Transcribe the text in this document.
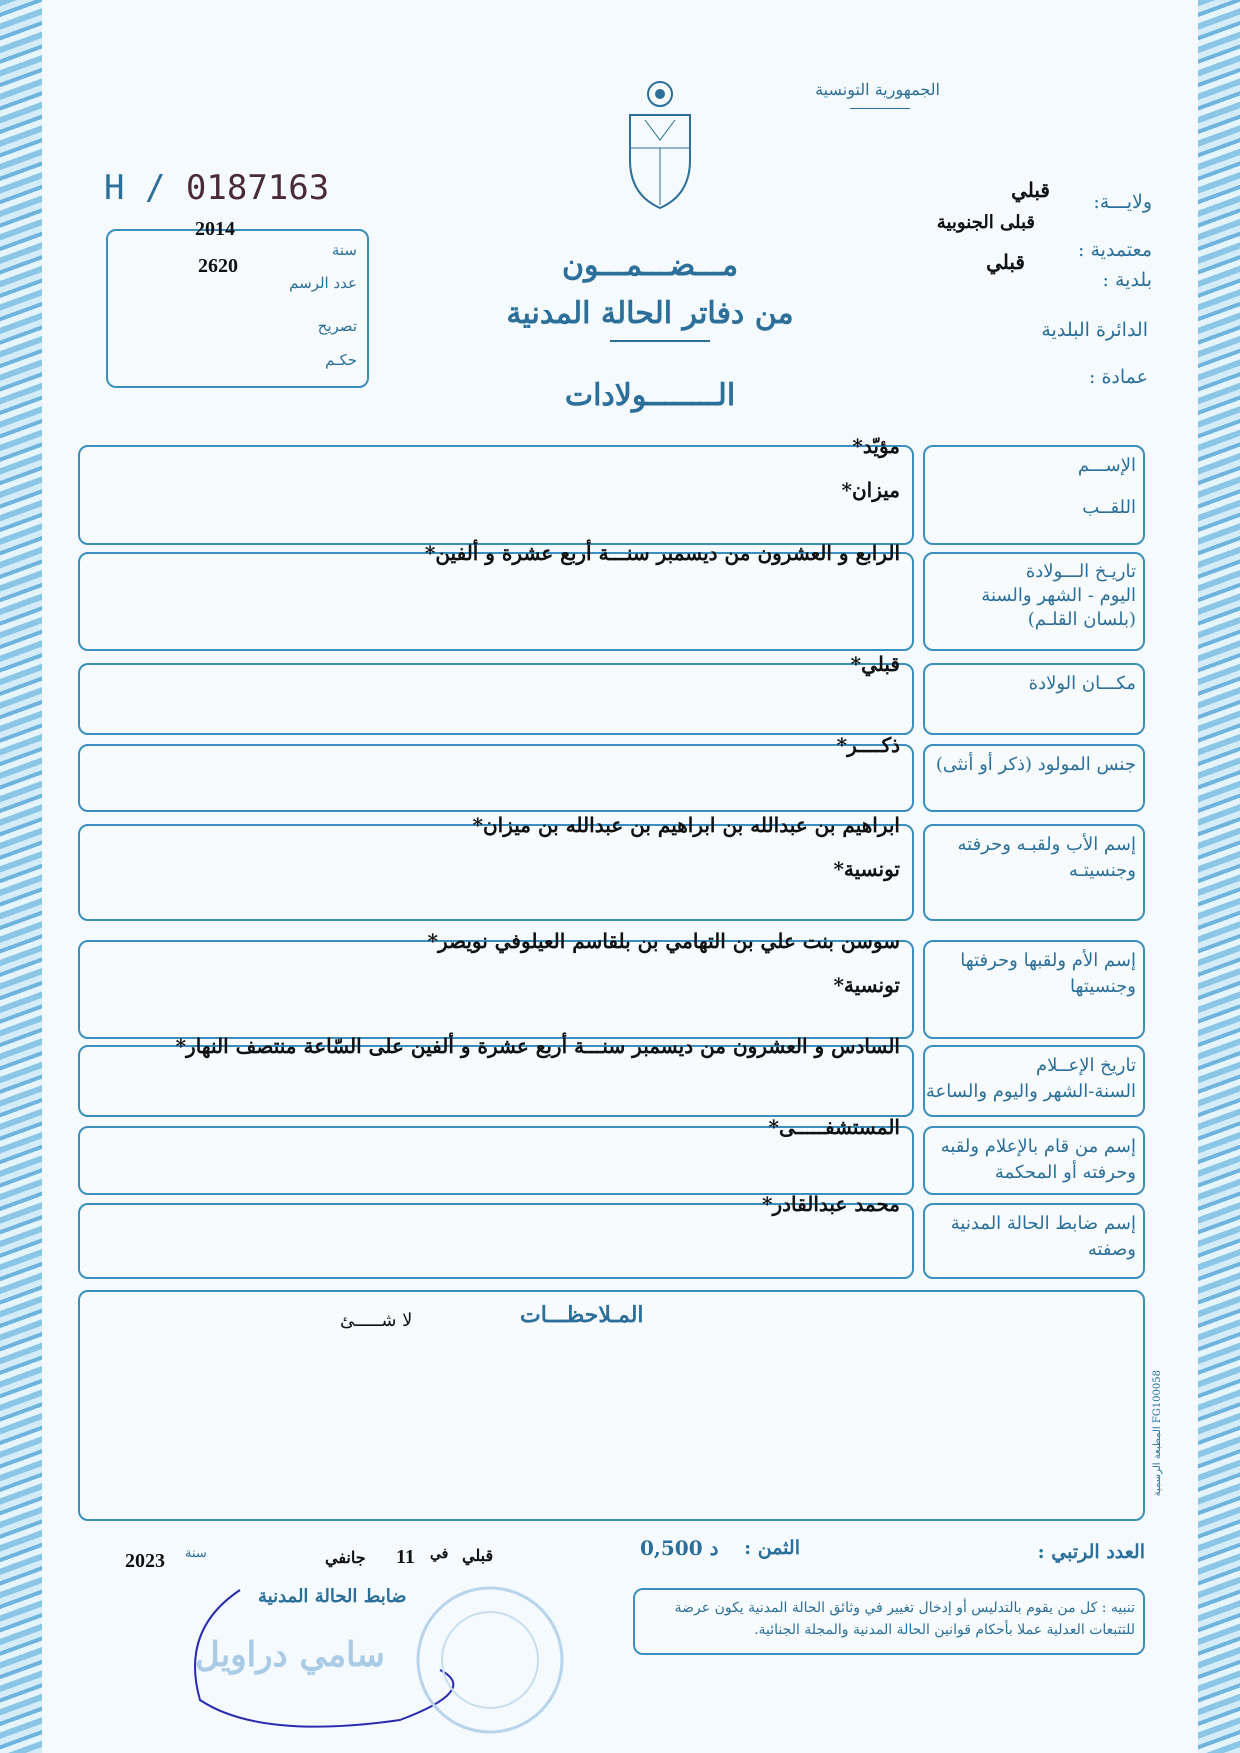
الجمهورية التونسية
ولايـــة:
قبلي
معتمدية :
قبلى الجنوبية
بلدية :
قبلي
الدائرة البلدية
عمادة :
H / 0187163
2014
2620
سنة
عدد الرسم
تصريح
حكـم
مـــضـــمـــون
من دفاتر الحالة المدنية
الــــــــولادات
الإســـم
اللقــب
مؤيّد*
ميزان*
تاريـخ الـــولادة
اليوم - الشهر والسنة
(بلسان القلـم)
الرابع و العشرون من ديسمبر سنـــة أربع عشرة و ألفين*
مكـــان الولادة
قبلي*
جنس المولود (ذكر أو أنثى)
ذكــــر*
إسم الأب ولقبـه وحرفته
وجنسيتـه
ابراهيم بن عبدالله بن ابراهيم بن عبدالله بن ميزان*
تونسية*
إسم الأم ولقبها وحرفتها
وجنسيتها
سوسن بنت علي بن التهامي بن بلقاسم العيلوفي نويصر*
تونسية*
تاريخ الإعــلام
السنة-الشهر واليوم والساعة
السادس و العشرون من ديسمبر سنـــة أربع عشرة و ألفين على السّاعة منتصف النهار*
إسم من قام بالإعلام ولقبه
وحرفته أو المحكمة
المستشفـــــى*
إسم ضابط الحالة المدنية
وصفته
محمد عبدالقادر*
المـلاحظـــات
لا شـــــئ
المطبعة الرسمية FG100058
العدد الرتبي :
الثمن :
0,500 د
قبلي
في
11
جانفي
سنة
2023
ضابط الحالة المدنية
سامي دراويل
تنبيه : كل من يقوم بالتدليس أو إدخال تغيير في وثائق الحالة المدنية يكون عرضة للتتبعات العدلية عملا بأحكام قوانين الحالة المدنية والمجلة الجنائية.
